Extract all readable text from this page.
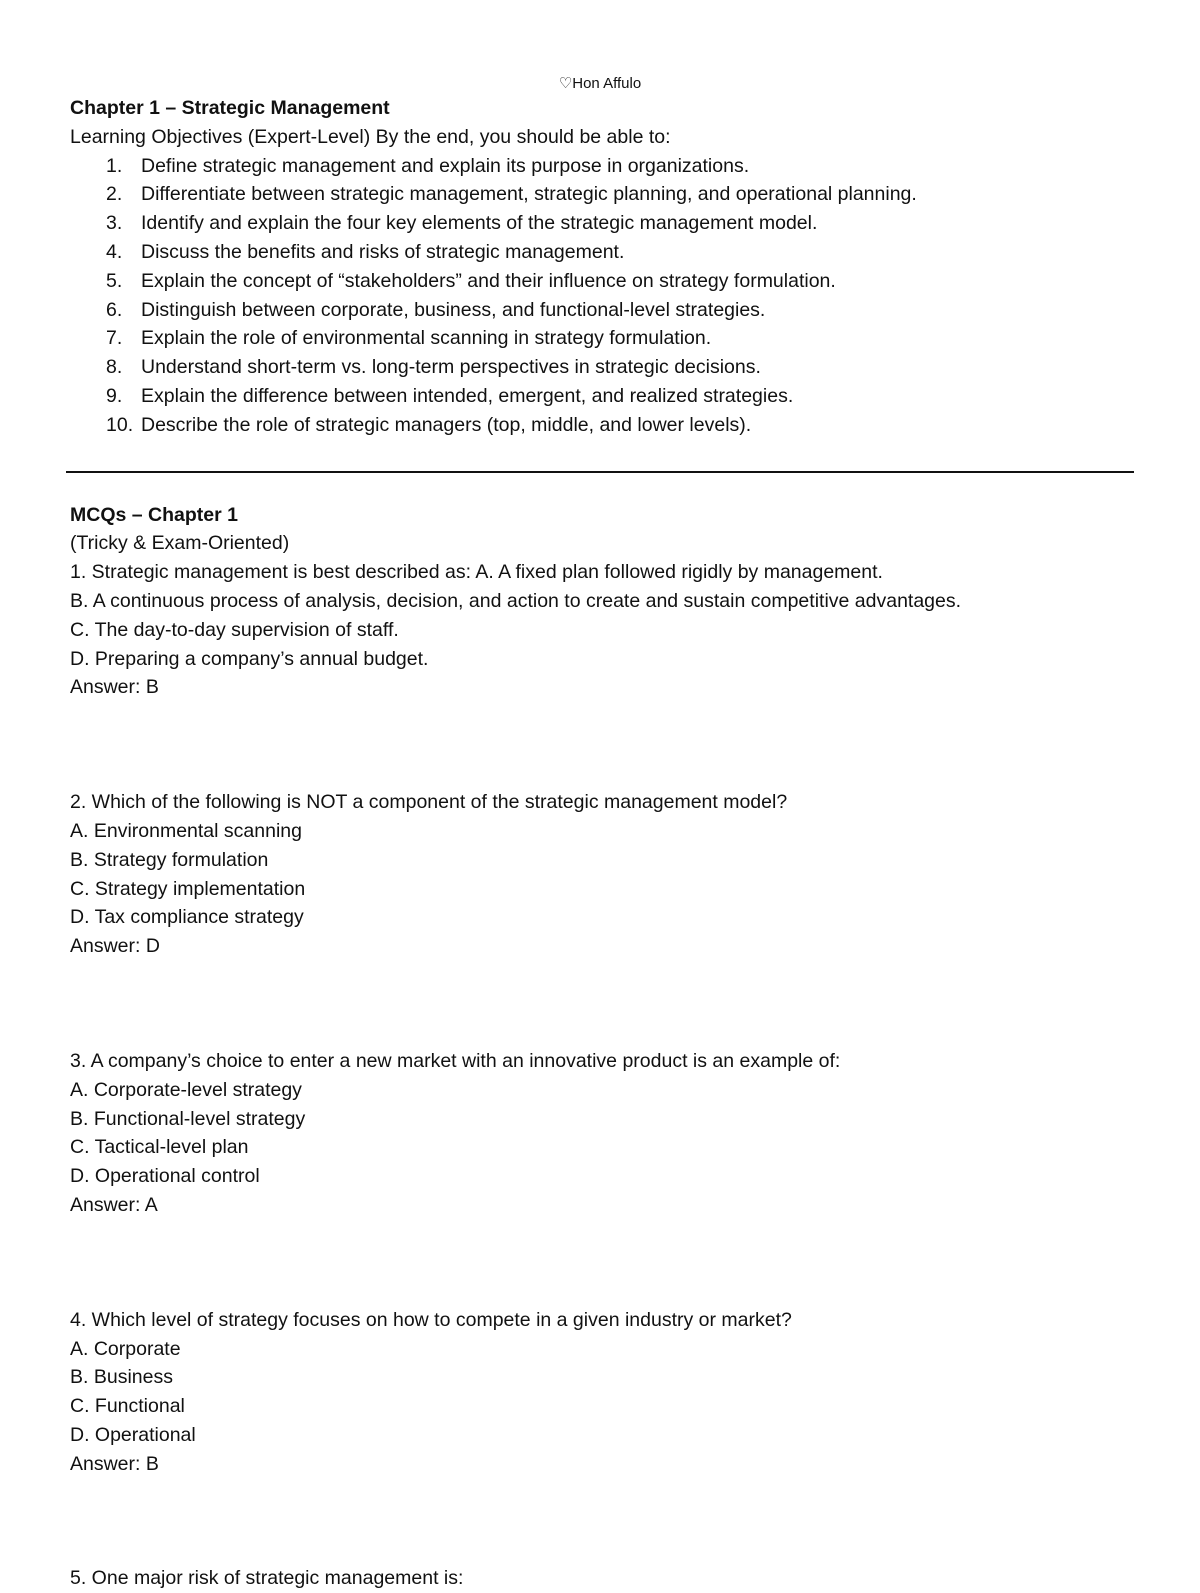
♡Hon Affulo

Chapter 1 – Strategic Management

Learning Objectives (Expert-Level) By the end, you should be able to:

1. Define strategic management and explain its purpose in organizations.
2. Differentiate between strategic management, strategic planning, and operational planning.
3. Identify and explain the four key elements of the strategic management model.
4. Discuss the benefits and risks of strategic management.
5. Explain the concept of “stakeholders” and their influence on strategy formulation.
6. Distinguish between corporate, business, and functional-level strategies.
7. Explain the role of environmental scanning in strategy formulation.
8. Understand short-term vs. long-term perspectives in strategic decisions.
9. Explain the difference between intended, emergent, and realized strategies.
10. Describe the role of strategic managers (top, middle, and lower levels).

MCQs – Chapter 1

(Tricky & Exam-Oriented)

1. Strategic management is best described as: A. A fixed plan followed rigidly by management.

B. A continuous process of analysis, decision, and action to create and sustain competitive advantages.

C. The day-to-day supervision of staff.

D. Preparing a company’s annual budget.

Answer: B

2. Which of the following is NOT a component of the strategic management model?

A. Environmental scanning

B. Strategy formulation

C. Strategy implementation

D. Tax compliance strategy

Answer: D

3. A company’s choice to enter a new market with an innovative product is an example of:

A. Corporate-level strategy

B. Functional-level strategy

C. Tactical-level plan

D. Operational control

Answer: A

4. Which level of strategy focuses on how to compete in a given industry or market?

A. Corporate

B. Business

C. Functional

D. Operational

Answer: B

5. One major risk of strategic management is:
